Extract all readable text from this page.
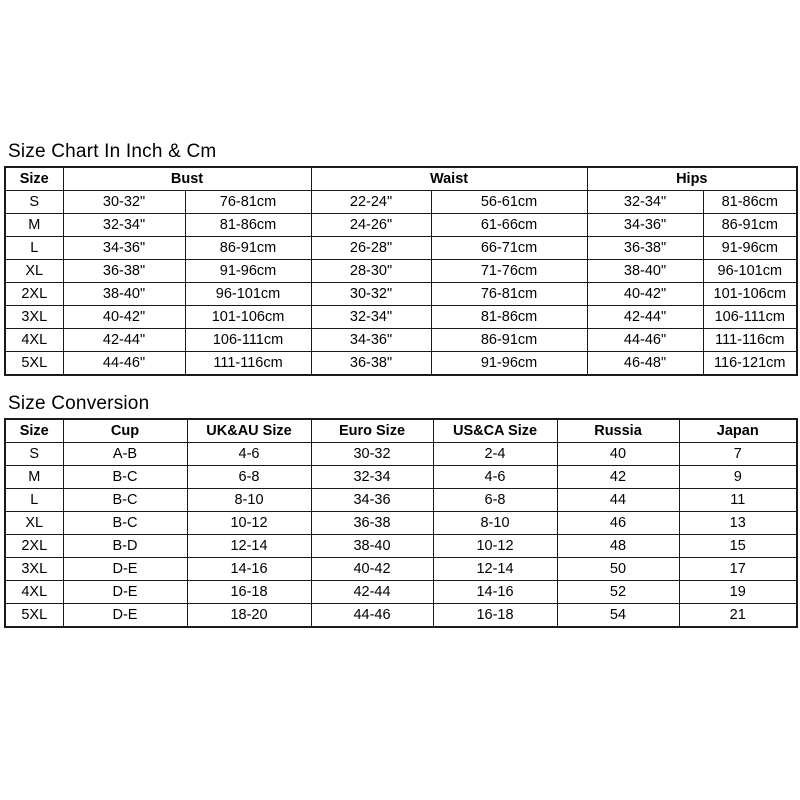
Size Chart In Inch & Cm
Size	Bust		Waist		Hips	
S	30-32"	76-81cm	22-24"	56-61cm	32-34"	81-86cm
M	32-34"	81-86cm	24-26"	61-66cm	34-36"	86-91cm
L	34-36"	86-91cm	26-28"	66-71cm	36-38"	91-96cm
XL	36-38"	91-96cm	28-30"	71-76cm	38-40"	96-101cm
2XL	38-40"	96-101cm	30-32"	76-81cm	40-42"	101-106cm
3XL	40-42"	101-106cm	32-34"	81-86cm	42-44"	106-111cm
4XL	42-44"	106-111cm	34-36"	86-91cm	44-46"	111-116cm
5XL	44-46"	111-116cm	36-38"	91-96cm	46-48"	116-121cm
Size Conversion
Size	Cup	UK&AU Size	Euro Size	US&CA Size	Russia	Japan
S	A-B	4-6	30-32	2-4	40	7
M	B-C	6-8	32-34	4-6	42	9
L	B-C	8-10	34-36	6-8	44	11
XL	B-C	10-12	36-38	8-10	46	13
2XL	B-D	12-14	38-40	10-12	48	15
3XL	D-E	14-16	40-42	12-14	50	17
4XL	D-E	16-18	42-44	14-16	52	19
5XL	D-E	18-20	44-46	16-18	54	21
